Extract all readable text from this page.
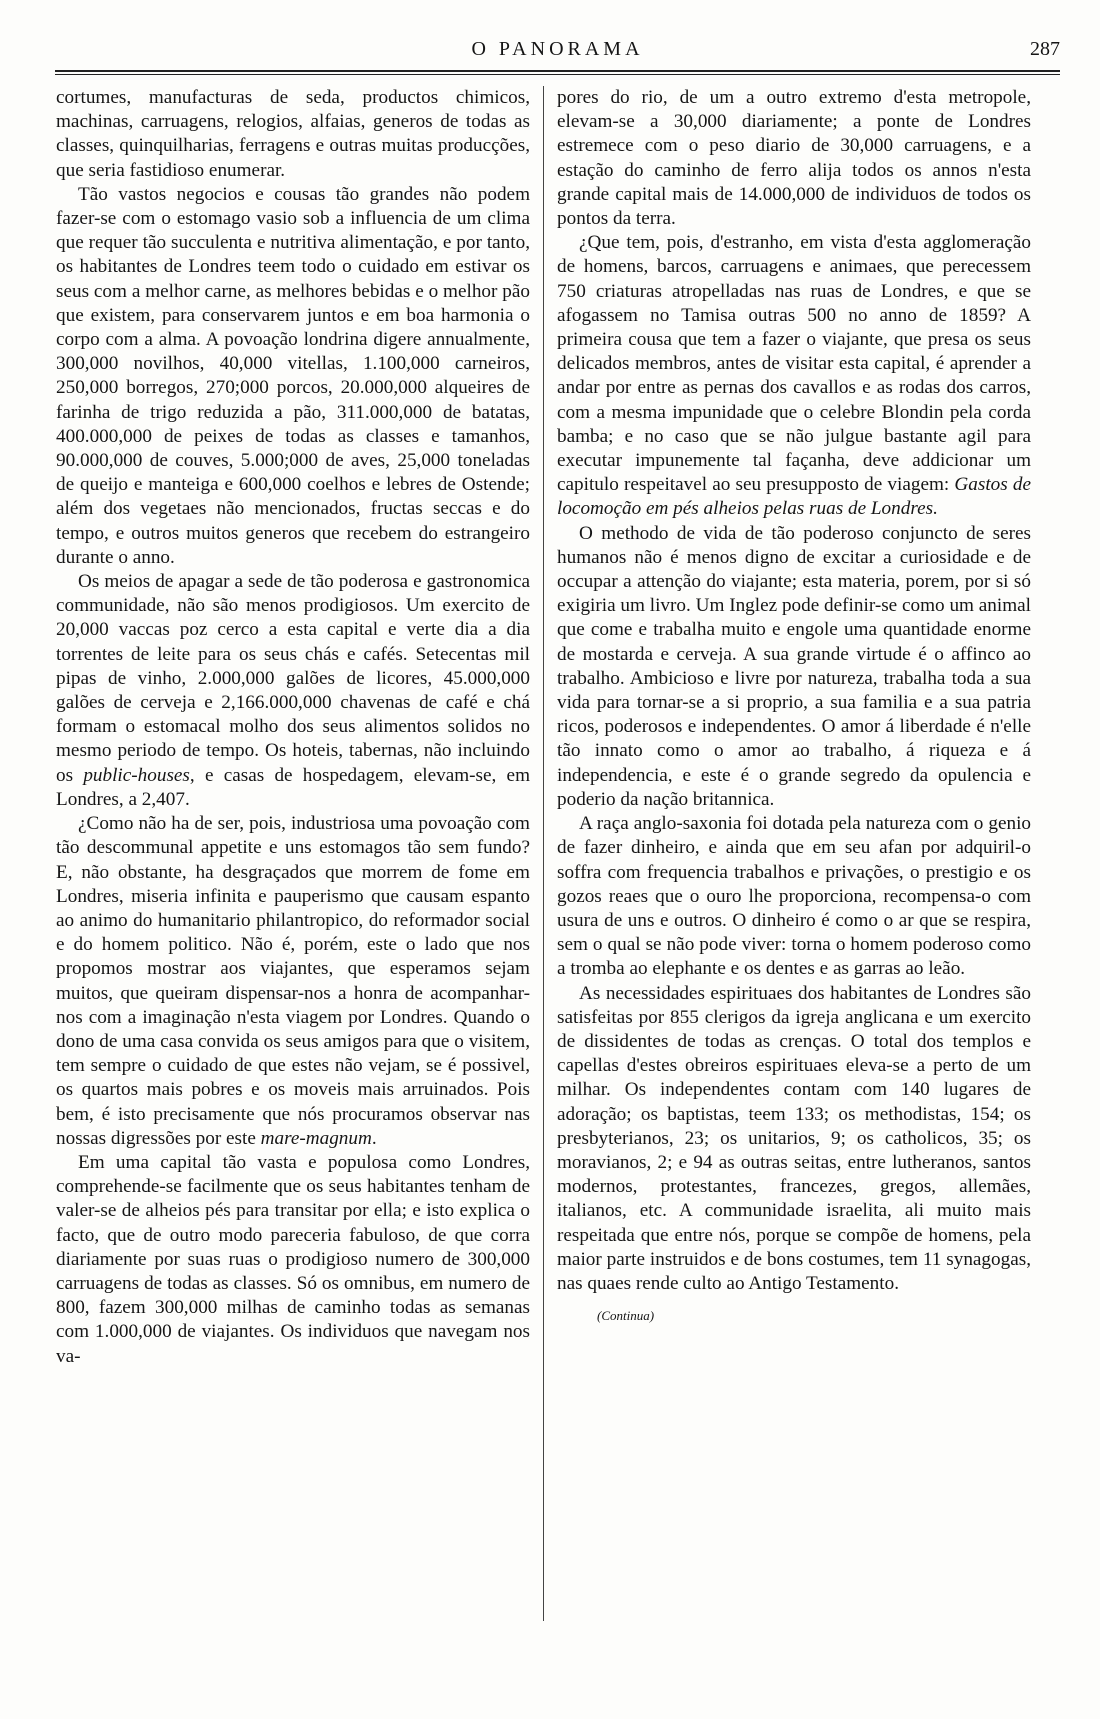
O PANORAMA	287

cortumes, manufacturas de seda, productos chimicos, machinas, carruagens, relogios, alfaias, generos de todas as classes, quinquilharias, ferragens e outras muitas producções, que seria fastidioso enumerar.

Tão vastos negocios e cousas tão grandes não podem fazer-se com o estomago vasio sob a influencia de um clima que requer tão succulenta e nutritiva alimentação, e por tanto, os habitantes de Londres teem todo o cuidado em estivar os seus com a melhor carne, as melhores bebidas e o melhor pão que existem, para conservarem juntos e em boa harmonia o corpo com a alma. A povoação londrina digere annualmente, 300,000 novilhos, 40,000 vitellas, 1.100,000 carneiros, 250,000 borregos, 270;000 porcos, 20.000,000 alqueires de farinha de trigo reduzida a pão, 311.000,000 de batatas, 400.000,000 de peixes de todas as classes e tamanhos, 90.000,000 de couves, 5.000;000 de aves, 25,000 toneladas de queijo e manteiga e 600,000 coelhos e lebres de Ostende; além dos vegetaes não mencionados, fructas seccas e do tempo, e outros muitos generos que recebem do estrangeiro durante o anno.

Os meios de apagar a sede de tão poderosa e gastronomica communidade, não são menos prodigiosos. Um exercito de 20,000 vaccas poz cerco a esta capital e verte dia a dia torrentes de leite para os seus chás e cafés. Setecentas mil pipas de vinho, 2.000,000 galões de licores, 45.000,000 galões de cerveja e 2,166.000,000 chavenas de café e chá formam o estomacal molho dos seus alimentos solidos no mesmo periodo de tempo. Os hoteis, tabernas, não incluindo os public-houses, e casas de hospedagem, elevam-se, em Londres, a 2,407.

¿Como não ha de ser, pois, industriosa uma povoação com tão descommunal appetite e uns estomagos tão sem fundo? E, não obstante, ha desgraçados que morrem de fome em Londres, miseria infinita e pauperismo que causam espanto ao animo do humanitario philantropico, do reformador social e do homem politico. Não é, porém, este o lado que nos propomos mostrar aos viajantes, que esperamos sejam muitos, que queiram dispensar-nos a honra de acompanhar-nos com a imaginação n'esta viagem por Londres. Quando o dono de uma casa convida os seus amigos para que o visitem, tem sempre o cuidado de que estes não vejam, se é possivel, os quartos mais pobres e os moveis mais arruinados. Pois bem, é isto precisamente que nós procuramos observar nas nossas digressões por este mare-magnum.

Em uma capital tão vasta e populosa como Londres, comprehende-se facilmente que os seus habitantes tenham de valer-se de alheios pés para transitar por ella; e isto explica o facto, que de outro modo pareceria fabuloso, de que corra diariamente por suas ruas o prodigioso numero de 300,000 carruagens de todas as classes. Só os omnibus, em numero de 800, fazem 300,000 milhas de caminho todas as semanas com 1.000,000 de viajantes. Os individuos que navegam nos va-

pores do rio, de um a outro extremo d'esta metropole, elevam-se a 30,000 diariamente; a ponte de Londres estremece com o peso diario de 30,000 carruagens, e a estação do caminho de ferro alija todos os annos n'esta grande capital mais de 14.000,000 de individuos de todos os pontos da terra.

¿Que tem, pois, d'estranho, em vista d'esta agglomeração de homens, barcos, carruagens e animaes, que perecessem 750 criaturas atropelladas nas ruas de Londres, e que se afogassem no Tamisa outras 500 no anno de 1859? A primeira cousa que tem a fazer o viajante, que presa os seus delicados membros, antes de visitar esta capital, é aprender a andar por entre as pernas dos cavallos e as rodas dos carros, com a mesma impunidade que o celebre Blondin pela corda bamba; e no caso que se não julgue bastante agil para executar impunemente tal façanha, deve addicionar um capitulo respeitavel ao seu presupposto de viagem: Gastos de locomoção em pés alheios pelas ruas de Londres.

O methodo de vida de tão poderoso conjuncto de seres humanos não é menos digno de excitar a curiosidade e de occupar a attenção do viajante; esta materia, porem, por si só exigiria um livro. Um Inglez pode definir-se como um animal que come e trabalha muito e engole uma quantidade enorme de mostarda e cerveja. A sua grande virtude é o affinco ao trabalho. Ambicioso e livre por natureza, trabalha toda a sua vida para tornar-se a si proprio, a sua familia e a sua patria ricos, poderosos e independentes. O amor á liberdade é n'elle tão innato como o amor ao trabalho, á riqueza e á independencia, e este é o grande segredo da opulencia e poderio da nação britannica.

A raça anglo-saxonia foi dotada pela natureza com o genio de fazer dinheiro, e ainda que em seu afan por adquiril-o soffra com frequencia trabalhos e privações, o prestigio e os gozos reaes que o ouro lhe proporciona, recompensa-o com usura de uns e outros. O dinheiro é como o ar que se respira, sem o qual se não pode viver: torna o homem poderoso como a tromba ao elephante e os dentes e as garras ao leão.

As necessidades espirituaes dos habitantes de Londres são satisfeitas por 855 clerigos da igreja anglicana e um exercito de dissidentes de todas as crenças. O total dos templos e capellas d'estes obreiros espirituaes eleva-se a perto de um milhar. Os independentes contam com 140 lugares de adoração; os baptistas, teem 133; os methodistas, 154; os presbyterianos, 23; os unitarios, 9; os catholicos, 35; os moravianos, 2; e 94 as outras seitas, entre lutheranos, santos modernos, protestantes, francezes, gregos, allemães, italianos, etc. A communidade israelita, ali muito mais respeitada que entre nós, porque se compõe de homens, pela maior parte instruidos e de bons costumes, tem 11 synagogas, nas quaes rende culto ao Antigo Testamento.

(Continua)
